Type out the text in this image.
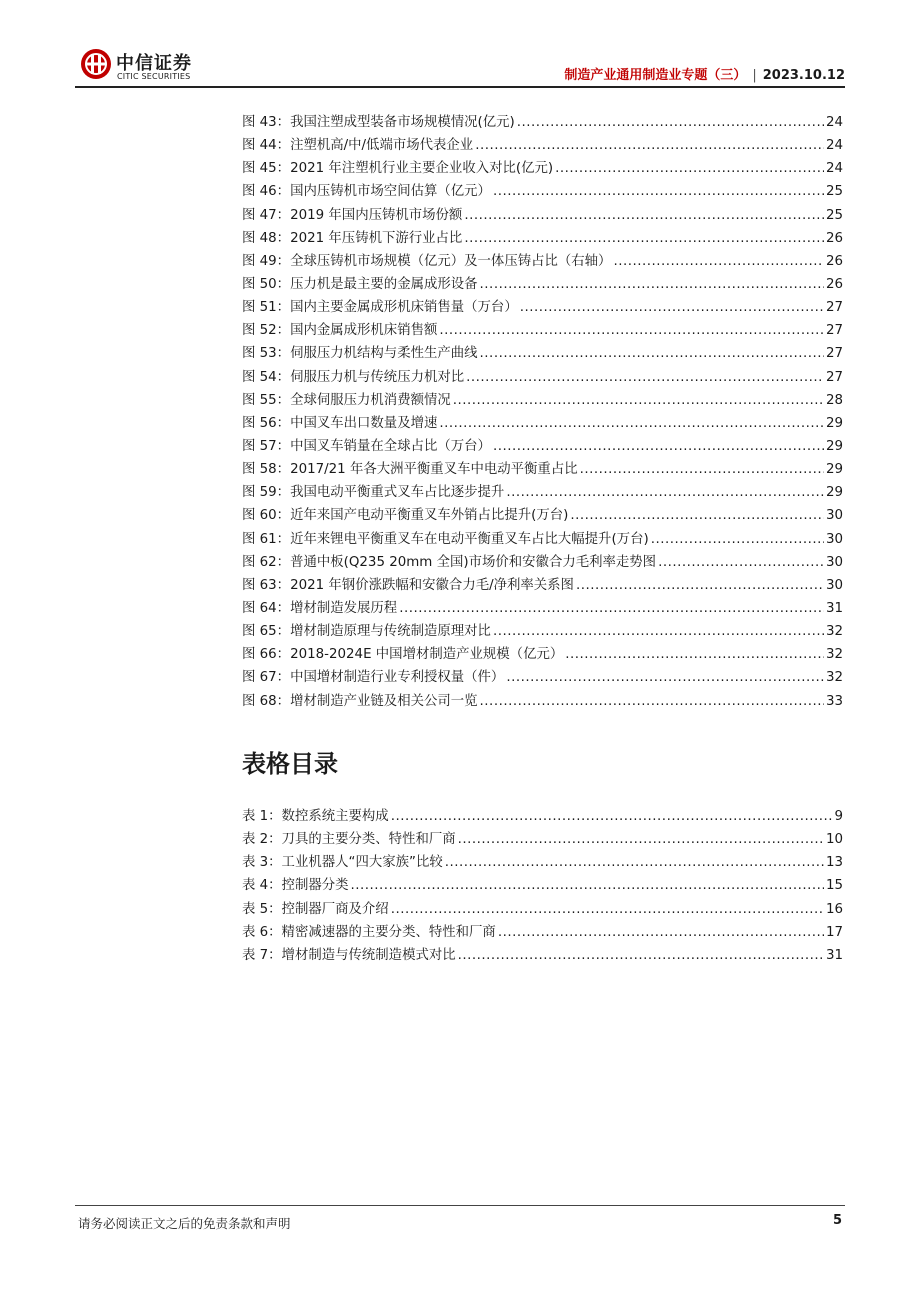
中信证券
CITIC SECURITIES	制造产业通用制造业专题（三） | 2023.10.12
图 43：我国注塑成型装备市场规模情况(亿元) .....	24
图 44：注塑机高/中/低端市场代表企业 .....	24
图 45：2021 年注塑机行业主要企业收入对比(亿元) .....	24
图 46：国内压铸机市场空间估算（亿元） .....	25
图 47：2019 年国内压铸机市场份额 .....	25
图 48：2021 年压铸机下游行业占比 .....	26
图 49：全球压铸机市场规模（亿元）及一体压铸占比（右轴） .....	26
图 50：压力机是最主要的金属成形设备 .....	26
图 51：国内主要金属成形机床销售量（万台） .....	27
图 52：国内金属成形机床销售额 .....	27
图 53：伺服压力机结构与柔性生产曲线 .....	27
图 54：伺服压力机与传统压力机对比 .....	27
图 55：全球伺服压力机消费额情况 .....	28
图 56：中国叉车出口数量及增速 .....	29
图 57：中国叉车销量在全球占比（万台） .....	29
图 58：2017/21 年各大洲平衡重叉车中电动平衡重占比 .....	29
图 59：我国电动平衡重式叉车占比逐步提升 .....	29
图 60：近年来国产电动平衡重叉车外销占比提升(万台) .....	30
图 61：近年来锂电平衡重叉车在电动平衡重叉车占比大幅提升(万台) .....	30
图 62：普通中板(Q235 20mm 全国)市场价和安徽合力毛利率走势图 .....	30
图 63：2021 年钢价涨跌幅和安徽合力毛/净利率关系图 .....	30
图 64：增材制造发展历程 .....	31
图 65：增材制造原理与传统制造原理对比 .....	32
图 66：2018-2024E 中国增材制造产业规模（亿元） .....	32
图 67：中国增材制造行业专利授权量（件） .....	32
图 68：增材制造产业链及相关公司一览 .....	33
表格目录
表 1：数控系统主要构成 .....	9
表 2：刀具的主要分类、特性和厂商 .....	10
表 3：工业机器人“四大家族”比较 .....	13
表 4：控制器分类 .....	15
表 5：控制器厂商及介绍 .....	16
表 6：精密减速器的主要分类、特性和厂商 .....	17
表 7：增材制造与传统制造模式对比 .....	31
请务必阅读正文之后的免责条款和声明	5
